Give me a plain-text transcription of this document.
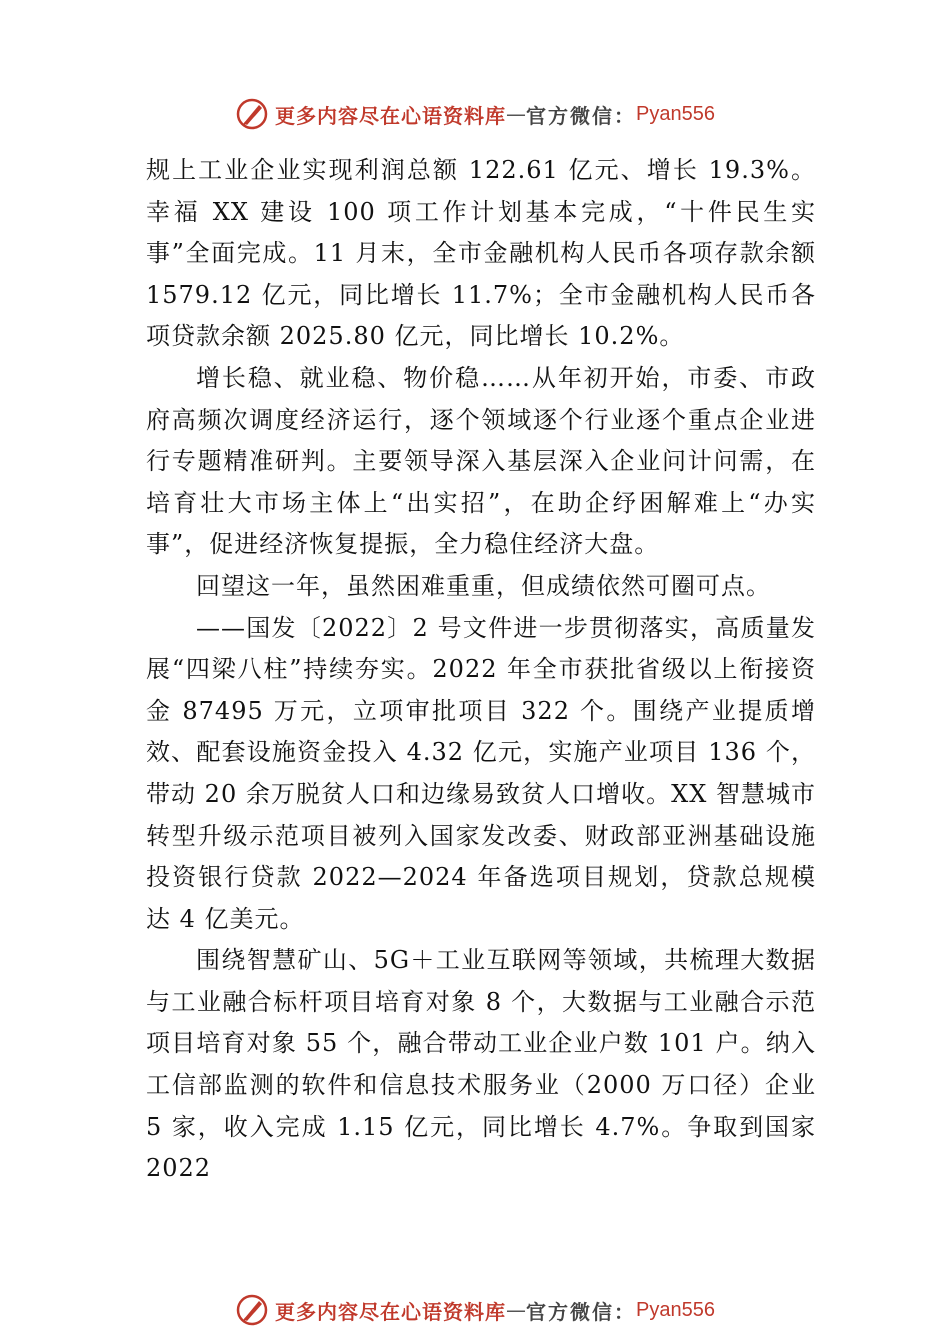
更多内容尽在心语资料库 — 官方微信： Pyan556

规上工业企业实现利润总额 122.61 亿元、增长 19.3%。幸福 XX 建设 100 项工作计划基本完成，“十件民生实事”全面完成。11 月末，全市金融机构人民币各项存款余额 1579.12 亿元，同比增长 11.7%；全市金融机构人民币各项贷款余额 2025.80 亿元，同比增长 10.2%。

增长稳、就业稳、物价稳……从年初开始，市委、市政府高频次调度经济运行，逐个领域逐个行业逐个重点企业进 行专题精准研判。主要领导深入基层深入企业问计问需，在培育壮大市场主体上“出实招”，在助企纾困解难上“办实事”，促进经济恢复提振，全力稳住经济大盘。

回望这一年，虽然困难重重，但成绩依然可圈可点。

——国发〔2022〕2 号文件进一步贯彻落实，高质量发展“四梁八柱”持续夯实。2022 年全市获批省级以上衔接资金 87495 万元，立项审批项目 322 个。围绕产业提质增效、配套设施资金投入 4.32 亿元，实施产业项目 136 个，带动 20 余万脱贫人口和边缘易致贫人口增收。XX 智慧城市转型升级示范项目被列入国家发改委、财政部亚洲基础设施投资银行贷款 2022—2024 年备选项目规划，贷款总规模达 4 亿美元。

围绕智慧矿山、5G＋工业互联网等领域，共梳理大数据与工业融合标杆项目培育对象 8 个，大数据与工业融合示范项目培育对象 55 个，融合带动工业企业户数 101 户。纳入工信部监测的软件和信息技术服务业（2000 万口径）企业 5 家，收入完成 1.15 亿元，同比增长 4.7%。争取到国家 2022

更多内容尽在心语资料库 — 官方微信： Pyan556
